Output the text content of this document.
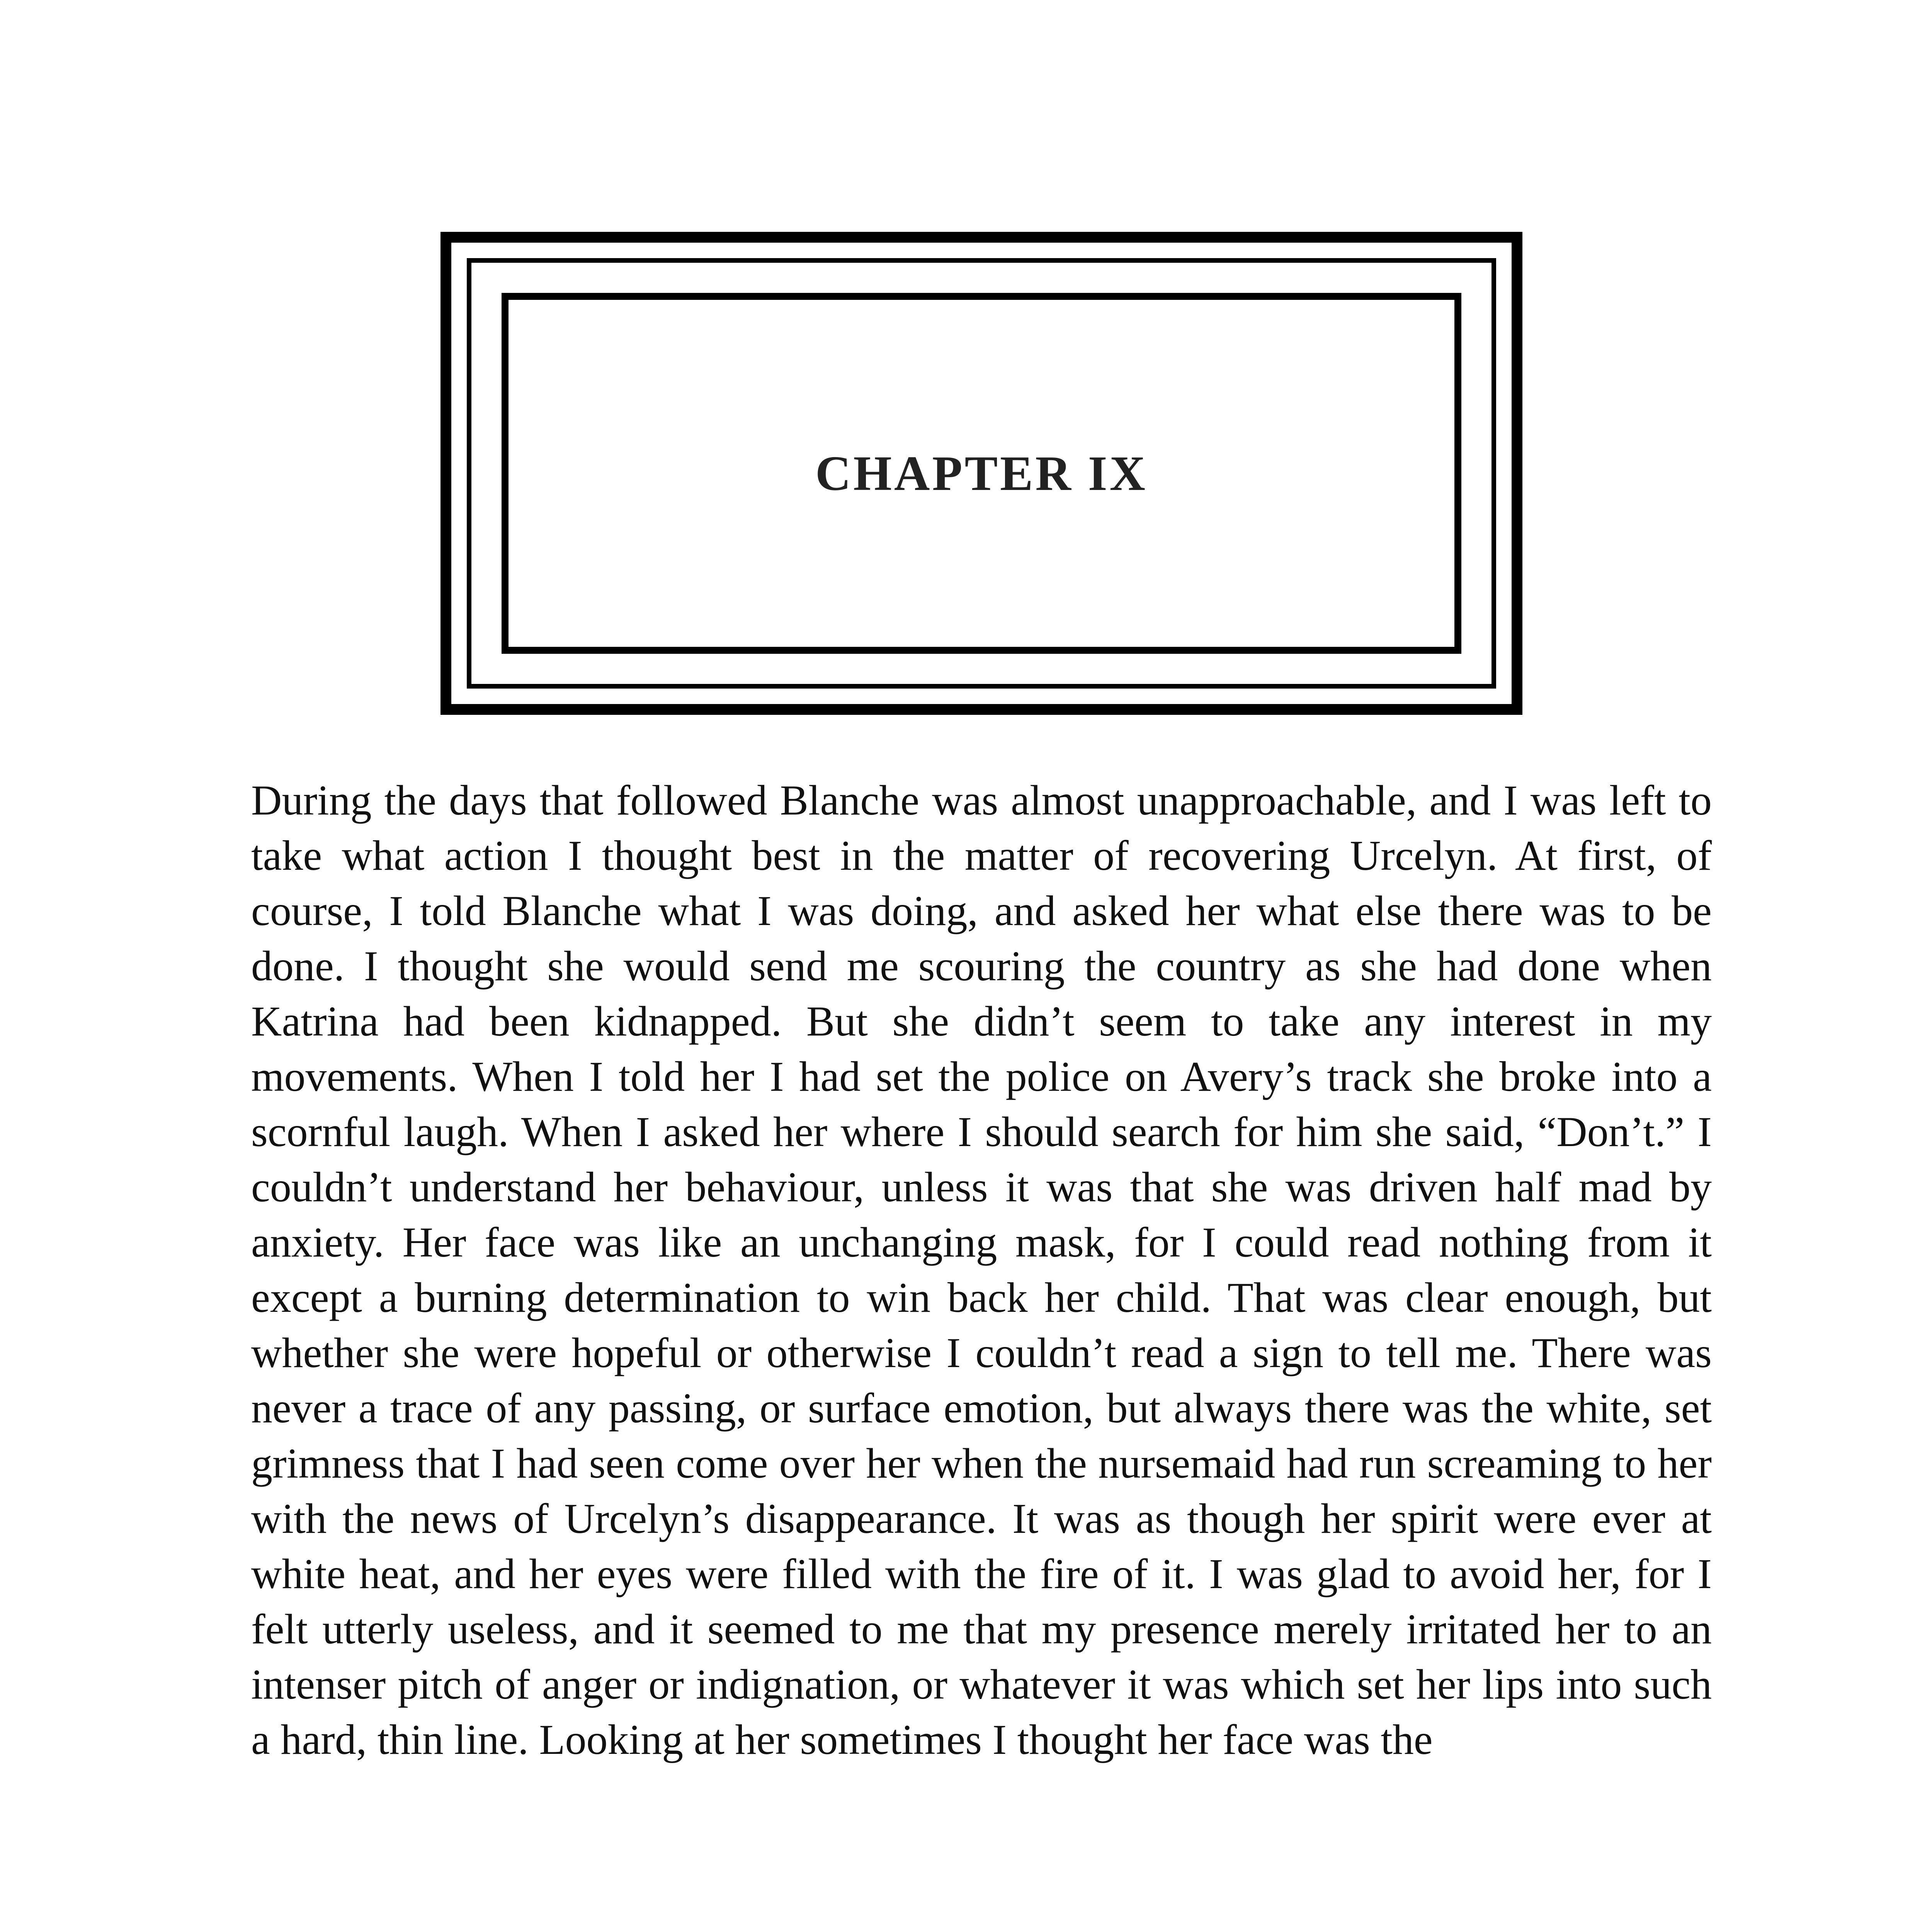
CHAPTER IX

During the days that followed Blanche was almost unapproachable, and I was left to take what action I thought best in the matter of recovering Urcelyn. At first, of course, I told Blanche what I was doing, and asked her what else there was to be done. I thought she would send me scouring the country as she had done when Katrina had been kidnapped. But she didn’t seem to take any interest in my movements. When I told her I had set the police on Avery’s track she broke into a scornful laugh. When I asked her where I should search for him she said, “Don’t.” I couldn’t understand her behaviour, unless it was that she was driven half mad by anxiety. Her face was like an unchanging mask, for I could read nothing from it except a burning determination to win back her child. That was clear enough, but whether she were hopeful or otherwise I couldn’t read a sign to tell me. There was never a trace of any passing, or surface emotion, but always there was the white, set grimness that I had seen come over her when the nursemaid had run screaming to her with the news of Urcelyn’s disappearance. It was as though her spirit were ever at white heat, and her eyes were filled with the fire of it. I was glad to avoid her, for I felt utterly useless, and it seemed to me that my presence merely irritated her to an intenser pitch of anger or indignation, or whatever it was which set her lips into such a hard, thin line. Looking at her sometimes I thought her face was the
